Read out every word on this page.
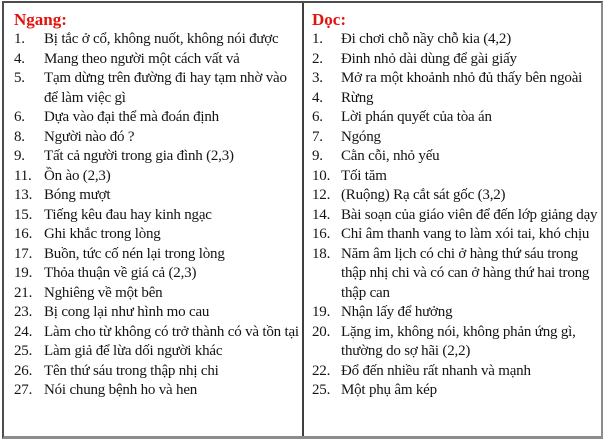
Ngang:
1.	Bị tắc ở cổ, không nuốt, không nói được
4.	Mang theo người một cách vất vả
5.	Tạm dừng trên đường đi hay tạm nhờ vào để làm việc gì
6.	Dựa vào đại thể mà đoán định
8.	Người nào đó ?
9.	Tất cả người trong gia đình (2,3)
11. Ồn ào (2,3)
13. Bóng mượt
15. Tiếng kêu đau hay kinh ngạc
16. Ghi khắc trong lòng
17. Buồn, tức cố nén lại trong lòng
19. Thỏa thuận về giá cả (2,3)
21. Nghiêng về một bên
23. Bị cong lại như hình mo cau
24. Làm cho từ không có trở thành có và tồn tại
25. Làm giả để lừa dối người khác
26. Tên thứ sáu trong thập nhị chi
27. Nói chung bệnh ho và hen
Dọc:
1.	Đi chơi chỗ nầy chỗ kia (4,2)
2.	Đinh nhỏ dài dùng để gài giấy
3.	Mở ra một khoảnh nhỏ đủ thấy bên ngoài
4.	Rừng
6.	Lời phán quyết của tòa án
7.	Ngóng
9.	Cằn cỗi, nhỏ yếu
10. Tối tăm
12. (Ruộng) Rạ cắt sát gốc (3,2)
14. Bài soạn của giáo viên để đến lớp giảng dạy
16. Chỉ âm thanh vang to làm xói tai, khó chịu
18. Năm âm lịch có chi ở hàng thứ sáu trong thập nhị chi và có can ở hàng thứ hai trong thập can
19. Nhận lấy để hưởng
20. Lặng im, không nói, không phản ứng gì, thường do sợ hãi (2,2)
22. Đổ đến nhiều rất nhanh và mạnh
25. Một phụ âm kép
